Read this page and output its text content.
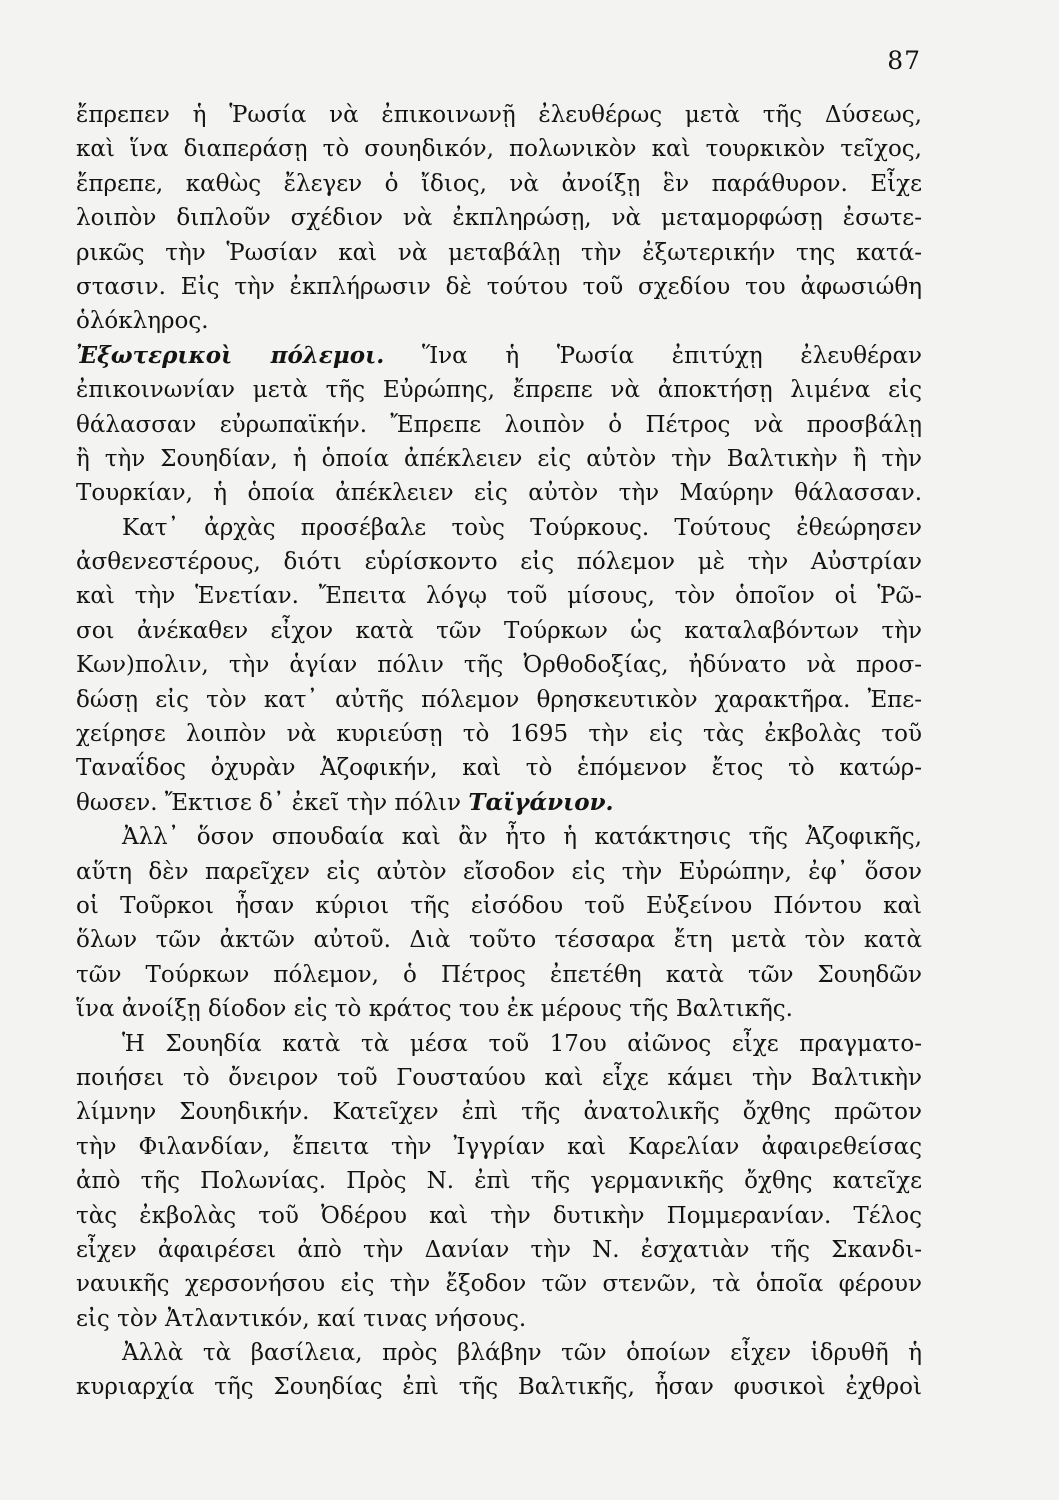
87
ἔπρεπεν ἡ Ῥωσία νὰ ἐπικοινωνῇ ἐλευθέρως μετὰ τῆς Δύσεως,
καὶ ἵνα διαπεράσῃ τὸ σουηδικόν, πολωνικὸν καὶ τουρκικὸν τεῖχος,
ἔπρεπε, καθὼς ἔλεγεν ὁ ἴδιος, νὰ ἀνοίξῃ ἓν παράθυρον. Εἶχε
λοιπὸν διπλοῦν σχέδιον νὰ ἐκπληρώσῃ, νὰ μεταμορφώσῃ ἐσωτε-
ρικῶς τὴν Ῥωσίαν καὶ νὰ μεταβάλῃ τὴν ἐξωτερικήν της κατά-
στασιν. Εἰς τὴν ἐκπλήρωσιν δὲ τούτου τοῦ σχεδίου του ἀφωσιώθη
ὁλόκληρος.
Ἐξωτερικοὶ πόλεμοι. Ἵνα ἡ Ῥωσία ἐπιτύχῃ ἐλευθέραν
ἐπικοινωνίαν μετὰ τῆς Εὐρώπης, ἔπρεπε νὰ ἀποκτήσῃ λιμένα εἰς
θάλασσαν εὐρωπαϊκήν. Ἔπρεπε λοιπὸν ὁ Πέτρος νὰ προσβάλῃ
ἢ τὴν Σουηδίαν, ἡ ὁποία ἀπέκλειεν εἰς αὐτὸν τὴν Βαλτικὴν ἢ τὴν
Τουρκίαν, ἡ ὁποία ἀπέκλειεν εἰς αὐτὸν τὴν Μαύρην θάλασσαν.
Κατ᾽ ἀρχὰς προσέβαλε τοὺς Τούρκους. Τούτους ἐθεώρησεν
ἀσθενεστέρους, διότι εὑρίσκοντο εἰς πόλεμον μὲ τὴν Αὐστρίαν
καὶ τὴν Ἑνετίαν. Ἔπειτα λόγῳ τοῦ μίσους, τὸν ὁποῖον οἱ Ῥῶ-
σοι ἀνέκαθεν εἶχον κατὰ τῶν Τούρκων ὡς καταλαβόντων τὴν
Κων)πολιν, τὴν ἁγίαν πόλιν τῆς Ὀρθοδοξίας, ἠδύνατο νὰ προσ-
δώσῃ εἰς τὸν κατ᾽ αὐτῆς πόλεμον θρησκευτικὸν χαρακτῆρα. Ἐπε-
χείρησε λοιπὸν νὰ κυριεύσῃ τὸ 1695 τὴν εἰς τὰς ἐκβολὰς τοῦ
Ταναΐδος ὀχυρὰν Ἀζοφικήν, καὶ τὸ ἑπόμενον ἔτος τὸ κατώρ-
θωσεν. Ἔκτισε δ᾽ ἐκεῖ τὴν πόλιν Ταϊγάνιον.
Ἀλλ᾽ ὅσον σπουδαία καὶ ἂν ἦτο ἡ κατάκτησις τῆς Ἀζοφικῆς,
αὕτη δὲν παρεῖχεν εἰς αὐτὸν εἴσοδον εἰς τὴν Εὐρώπην, ἐφ᾽ ὅσον
οἱ Τοῦρκοι ἦσαν κύριοι τῆς εἰσόδου τοῦ Εὐξείνου Πόντου καὶ
ὅλων τῶν ἀκτῶν αὐτοῦ. Διὰ τοῦτο τέσσαρα ἔτη μετὰ τὸν κατὰ
τῶν Τούρκων πόλεμον, ὁ Πέτρος ἐπετέθη κατὰ τῶν Σουηδῶν
ἵνα ἀνοίξῃ δίοδον εἰς τὸ κράτος του ἐκ μέρους τῆς Βαλτικῆς.
Ἡ Σουηδία κατὰ τὰ μέσα τοῦ 17ου αἰῶνος εἶχε πραγματο-
ποιήσει τὸ ὄνειρον τοῦ Γουσταύου καὶ εἶχε κάμει τὴν Βαλτικὴν
λίμνην Σουηδικήν. Κατεῖχεν ἐπὶ τῆς ἀνατολικῆς ὄχθης πρῶτον
τὴν Φιλανδίαν, ἔπειτα τὴν Ἰγγρίαν καὶ Καρελίαν ἀφαιρεθείσας
ἀπὸ τῆς Πολωνίας. Πρὸς Ν. ἐπὶ τῆς γερμανικῆς ὄχθης κατεῖχε
τὰς ἐκβολὰς τοῦ Ὀδέρου καὶ τὴν δυτικὴν Πομμερανίαν. Τέλος
εἶχεν ἀφαιρέσει ἀπὸ τὴν Δανίαν τὴν Ν. ἐσχατιὰν τῆς Σκανδι-
ναυικῆς χερσονήσου εἰς τὴν ἔξοδον τῶν στενῶν, τὰ ὁποῖα φέρουν
εἰς τὸν Ἀτλαντικόν, καί τινας νήσους.
Ἀλλὰ τὰ βασίλεια, πρὸς βλάβην τῶν ὁποίων εἶχεν ἱδρυθῆ ἡ
κυριαρχία τῆς Σουηδίας ἐπὶ τῆς Βαλτικῆς, ἦσαν φυσικοὶ ἐχθροὶ
